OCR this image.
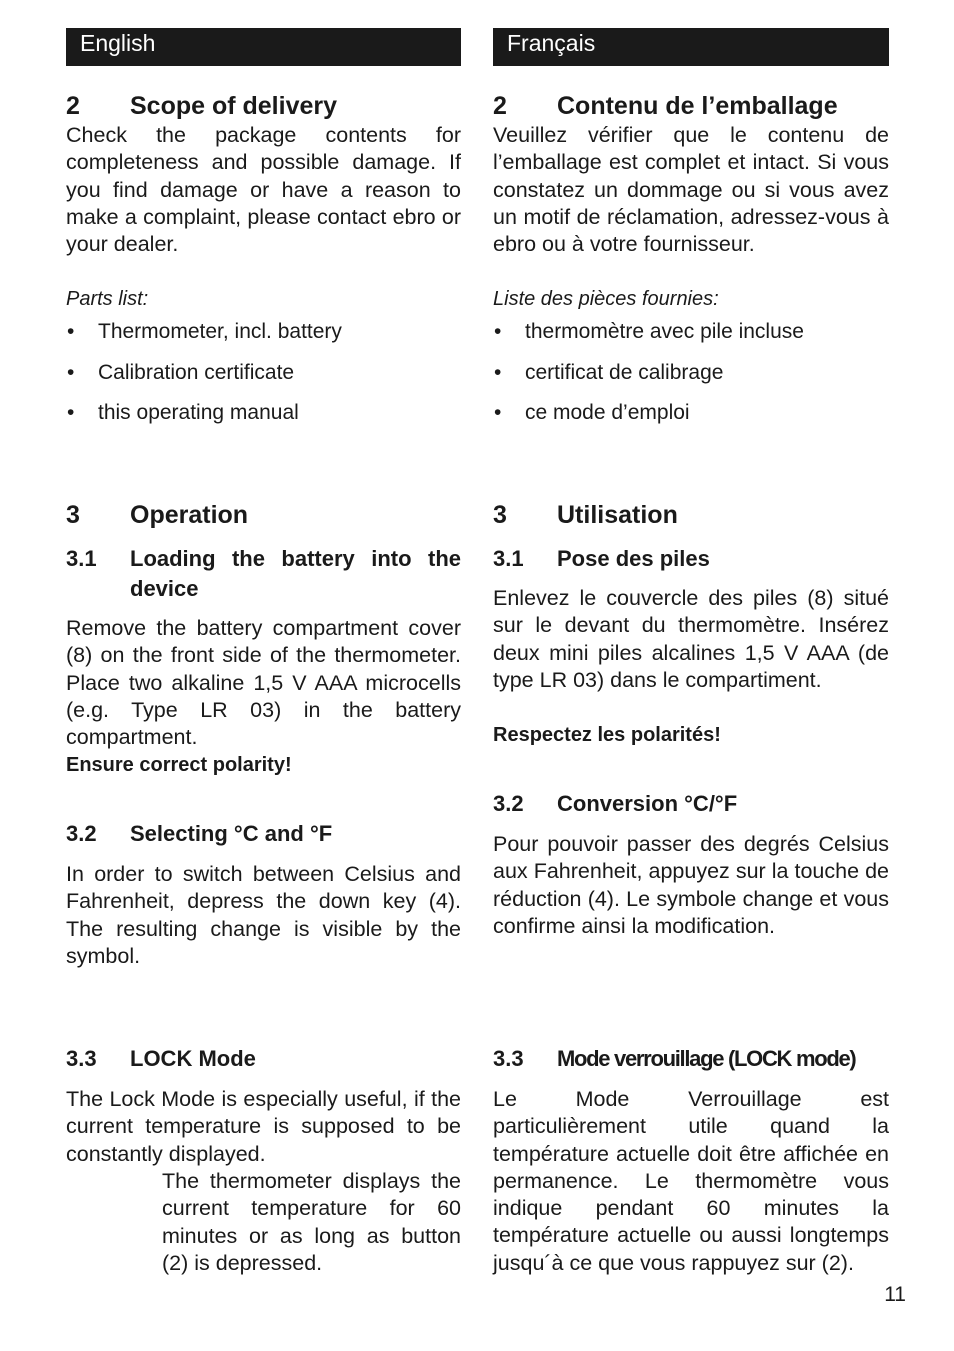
English	Français
2 Scope of delivery

Check the package contents for completeness and possible damage. If you find damage or have a reason to make a complaint, please contact ebro or your dealer.

Parts list:

• Thermometer, incl. battery
• Calibration certificate
• this operating manual
3 Operation
3.1 Loading the battery into the device

Remove the battery compartment cover (8) on the front side of the thermometer. Place two alkaline 1,5 V AAA microcells (e.g. Type LR 03) in the battery compartment.

Ensure correct polarity!

3.2 Selecting °C and °F

In order to switch between Celsius and Fahrenheit, depress the down key (4). The resulting change is visible by the symbol.

3.3 LOCK Mode

The Lock Mode is especially useful, if the current temperature is supposed to be constantly displayed.

The thermometer displays the current temperature for 60 minutes or as long as button (2) is depressed.

2 Contenu de l’emballage

Veuillez vérifier que le contenu de l’emballage est complet et intact. Si vous constatez un dommage ou si vous avez un motif de réclamation, adressez-vous à ebro ou à votre fournisseur.

Liste des pièces fournies:

• thermomètre avec pile incluse
• certificat de calibrage
• ce mode d’emploi
3 Utilisation
3.1 Pose des piles

Enlevez le couvercle des piles (8) situé sur le devant du thermomètre. Insérez deux mini piles alcalines 1,5 V AAA (de type LR 03) dans le compartiment.

Respectez les polarités!

3.2 Conversion °C/°F

Pour pouvoir passer des degrés Celsius aux Fahrenheit, appuyez sur la touche de réduction (4). Le symbole change et vous confirme ainsi la modification.

3.3 Mode verrouillage (LOCK mode)

Le Mode Verrouillage est particulièrement utile quand la température actuelle doit être affichée en permanence. Le thermomètre vous indique pendant 60 minutes la température actuelle ou aussi longtemps jusqu´à ce que vous rappuyez sur (2).

11
